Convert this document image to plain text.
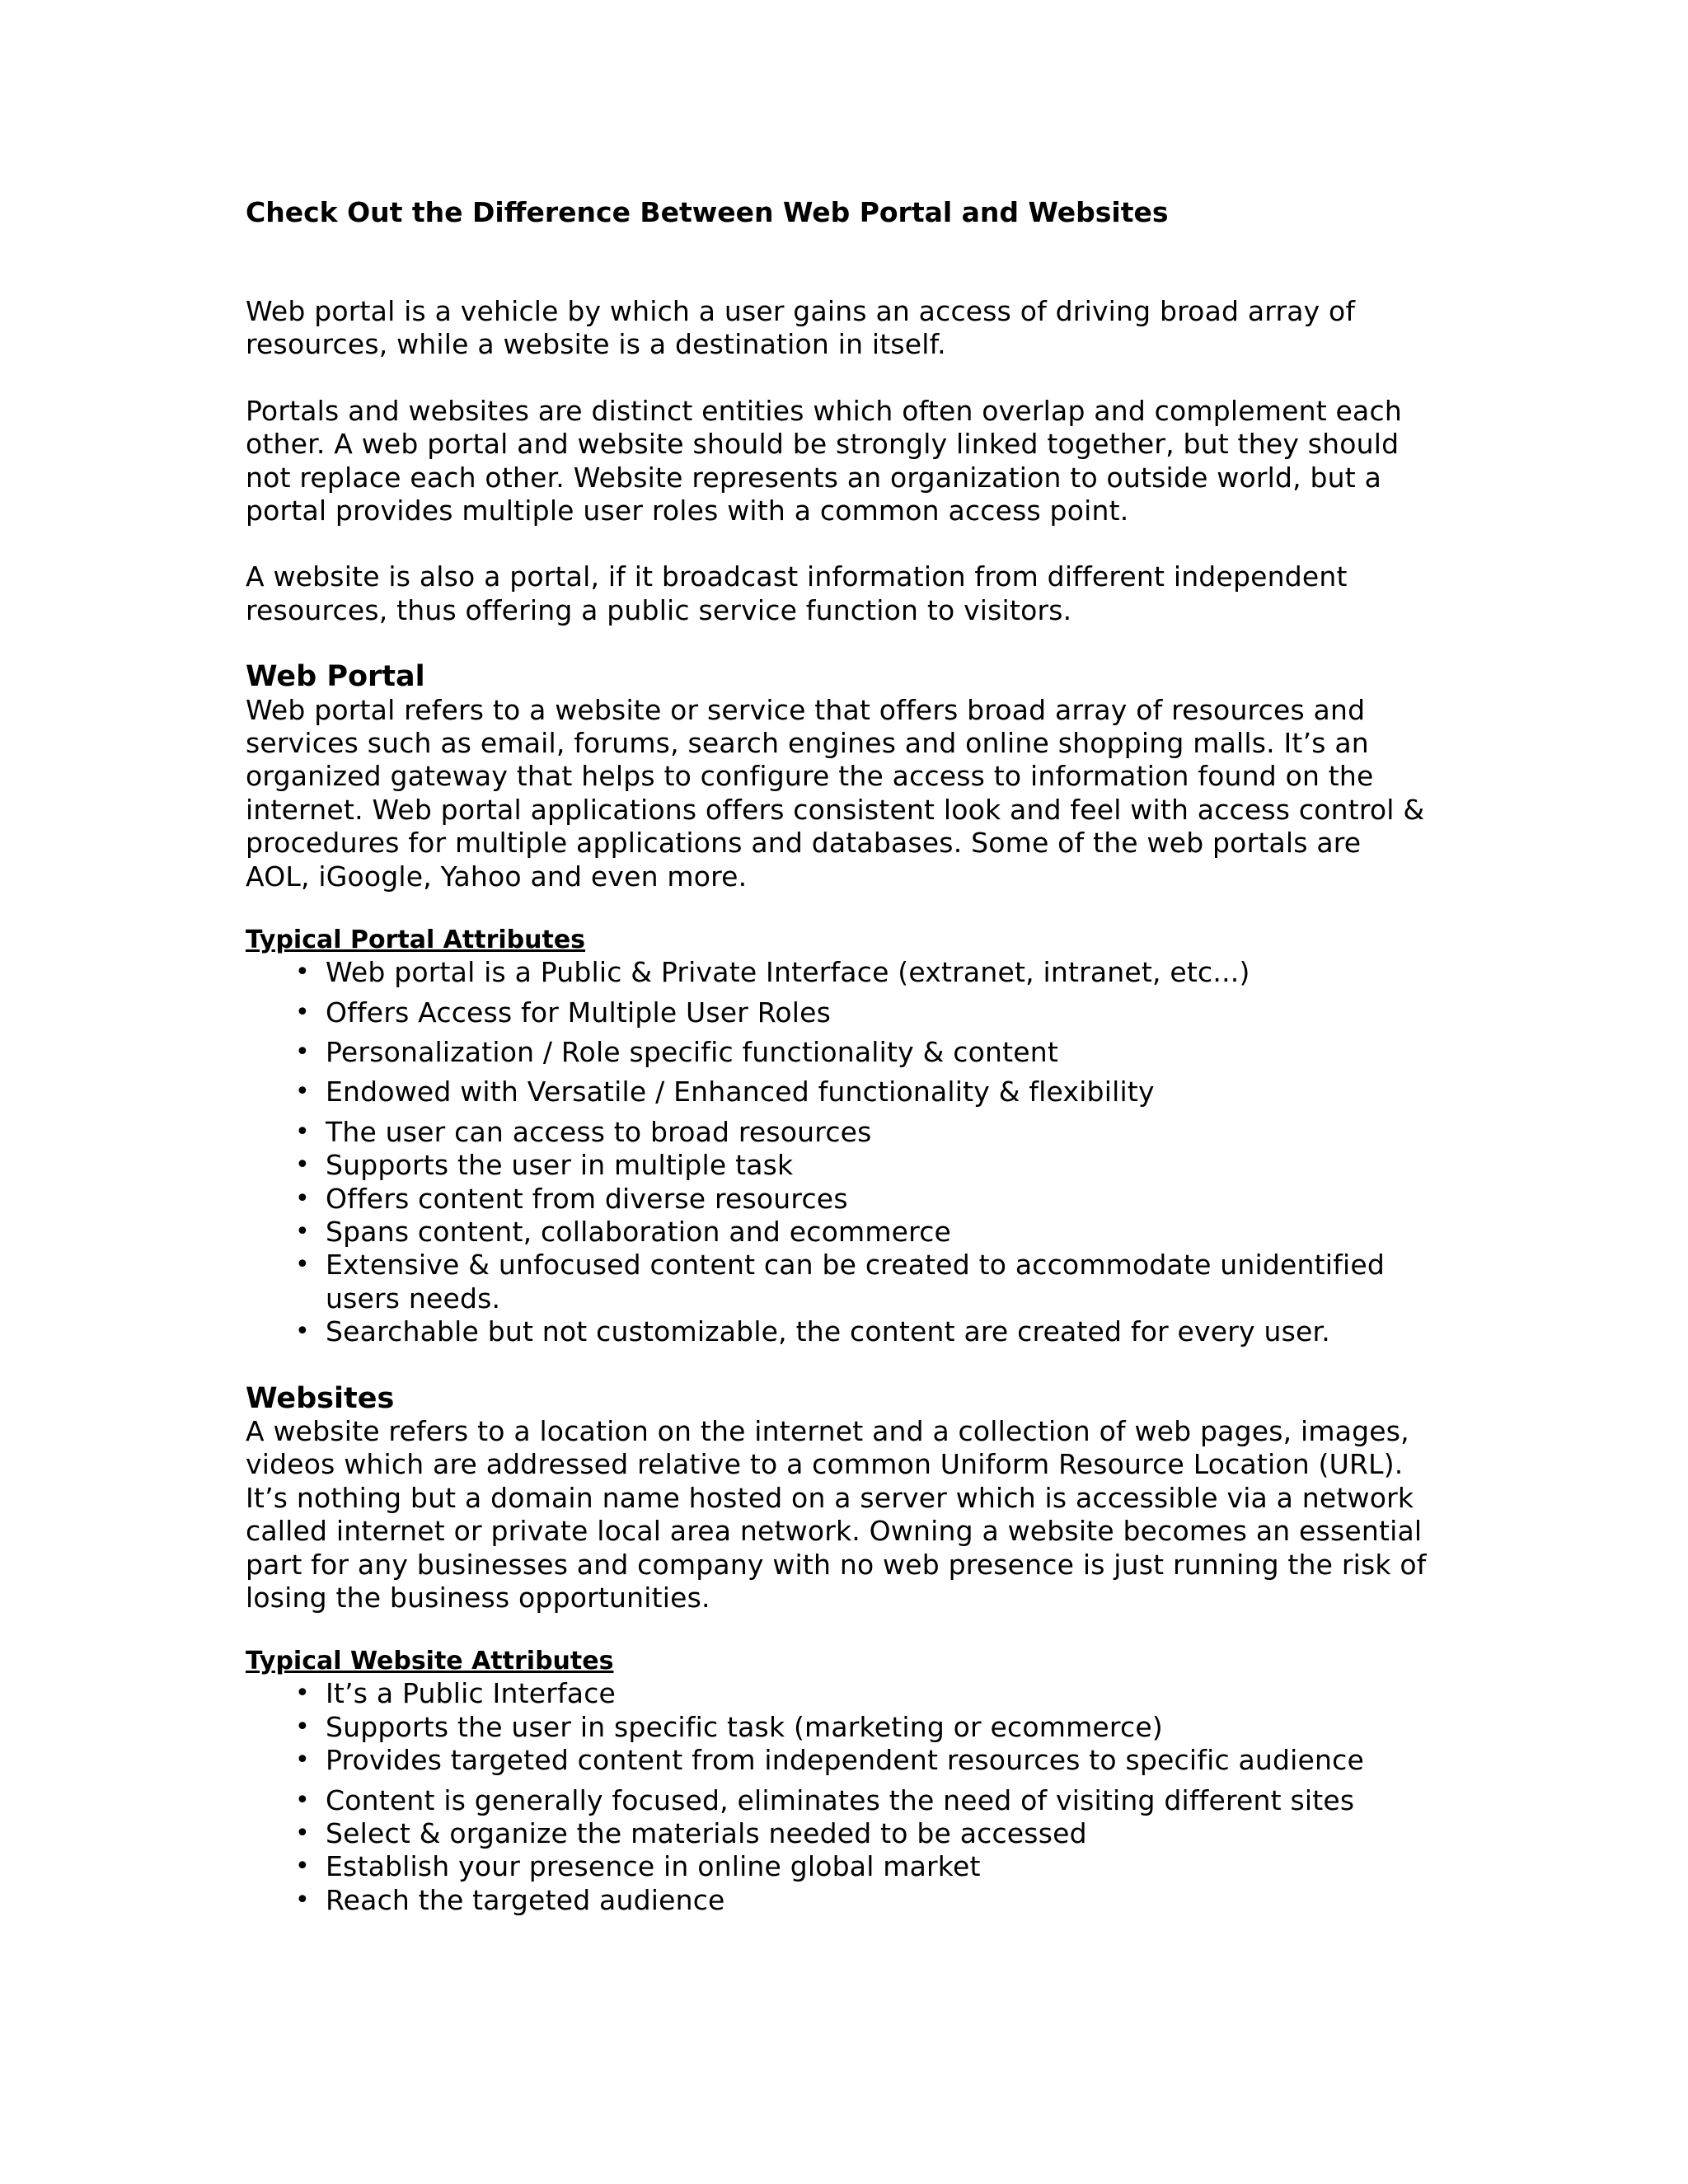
Check Out the Difference Between Web Portal and Websites

Web portal is a vehicle by which a user gains an access of driving broad array of resources, while a website is a destination in itself.

Portals and websites are distinct entities which often overlap and complement each other. A web portal and website should be strongly linked together, but they should not replace each other. Website represents an organization to outside world, but a portal provides multiple user roles with a common access point.

A website is also a portal, if it broadcast information from different independent resources, thus offering a public service function to visitors.

Web Portal

Web portal refers to a website or service that offers broad array of resources and services such as email, forums, search engines and online shopping malls. It’s an organized gateway that helps to configure the access to information found on the internet. Web portal applications offers consistent look and feel with access control & procedures for multiple applications and databases. Some of the web portals are AOL, iGoogle, Yahoo and even more.

Typical Portal Attributes
• Web portal is a Public & Private Interface (extranet, intranet, etc...)
• Offers Access for Multiple User Roles
• Personalization / Role specific functionality & content
• Endowed with Versatile / Enhanced functionality & flexibility
• The user can access to broad resources
• Supports the user in multiple task
• Offers content from diverse resources
• Spans content, collaboration and ecommerce
• Extensive & unfocused content can be created to accommodate unidentified users needs.
• Searchable but not customizable, the content are created for every user.
Websites

A website refers to a location on the internet and a collection of web pages, images, videos which are addressed relative to a common Uniform Resource Location (URL). It’s nothing but a domain name hosted on a server which is accessible via a network called internet or private local area network. Owning a website becomes an essential part for any businesses and company with no web presence is just running the risk of losing the business opportunities.

Typical Website Attributes
• It’s a Public Interface
• Supports the user in specific task (marketing or ecommerce)
• Provides targeted content from independent resources to specific audience
• Content is generally focused, eliminates the need of visiting different sites
• Select & organize the materials needed to be accessed
• Establish your presence in online global market
• Reach the targeted audience
